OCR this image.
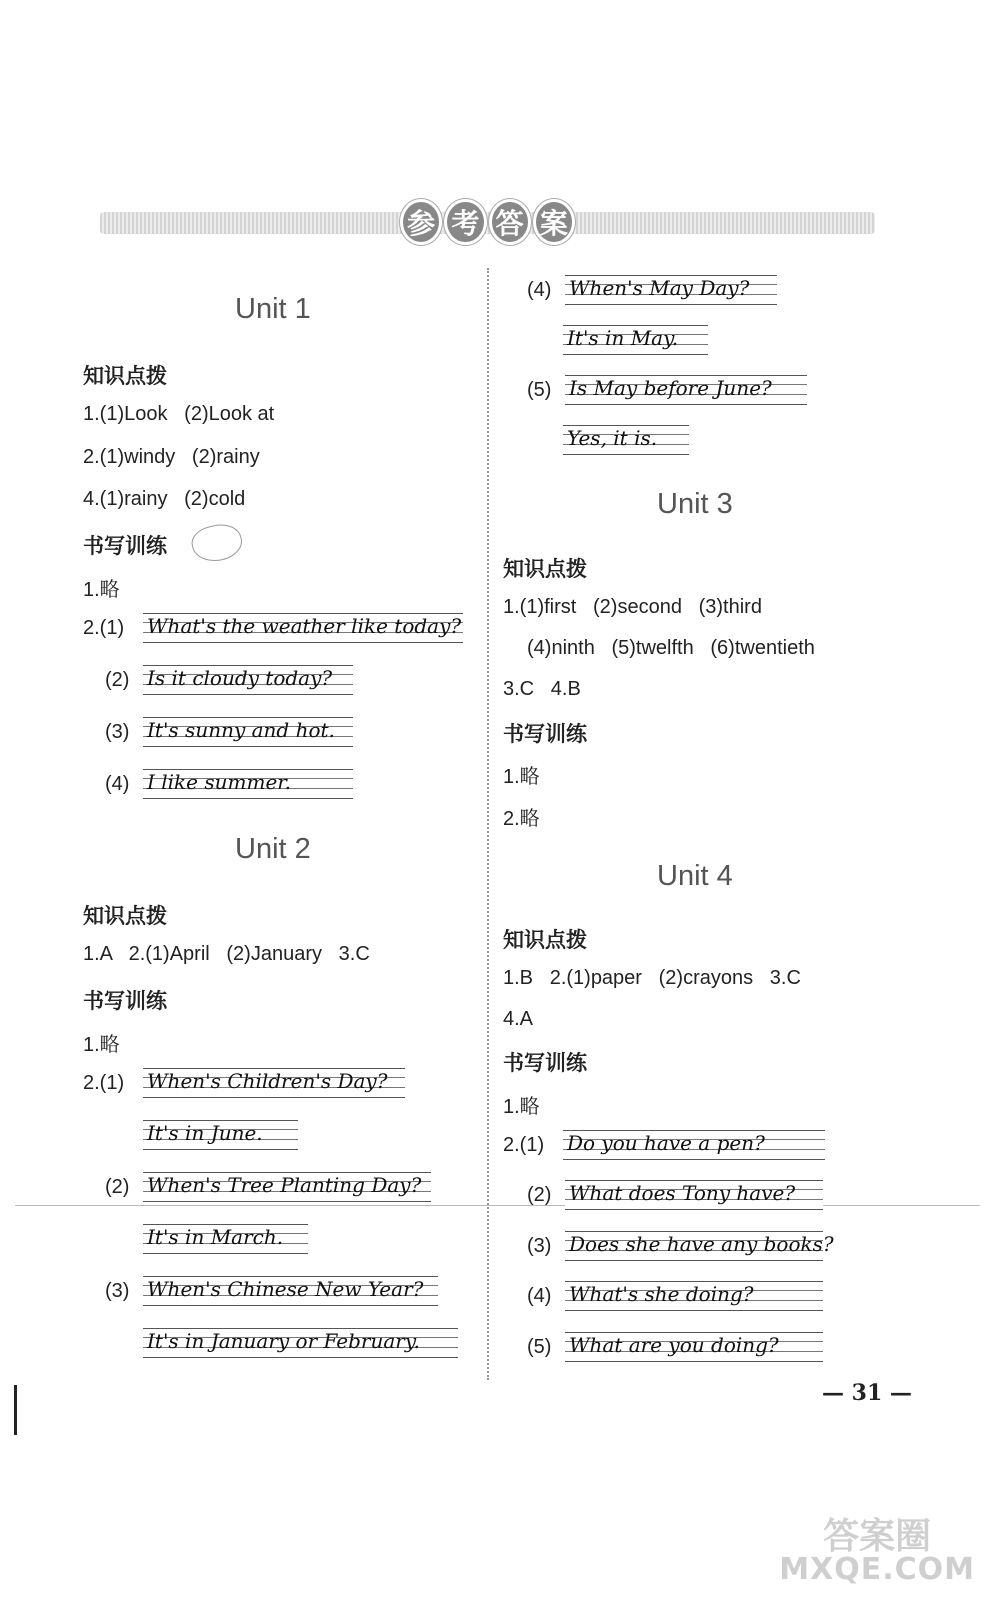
参 考 答 案
Unit 1
知识点拨
1.(1)Look   (2)Look at
2.(1)windy   (2)rainy
4.(1)rainy   (2)cold
书写训练
1.略
2.(1) What's the weather like today?
(2) Is it cloudy today?
(3) It's sunny and hot.
(4) I like summer.
Unit 2
知识点拨
1.A   2.(1)April   (2)January   3.C
书写训练
1.略
2.(1) When's Children's Day?
It's in June.
(2) When's Tree Planting Day?
It's in March.
(3) When's Chinese New Year?
It's in January or February.
(4) When's May Day?
It's in May.
(5) Is May before June?
Yes, it is.
Unit 3
知识点拨
1.(1)first   (2)second   (3)third
(4)ninth   (5)twelfth   (6)twentieth
3.C   4.B
书写训练
1.略
2.略
Unit 4
知识点拨
1.B   2.(1)paper   (2)crayons   3.C
4.A
书写训练
1.略
2.(1) Do you have a pen?
(2) What does Tony have?
(3) Does she have any books?
(4) What's she doing?
(5) What are you doing?
— 31 —
答案圈
MXQE.COM
